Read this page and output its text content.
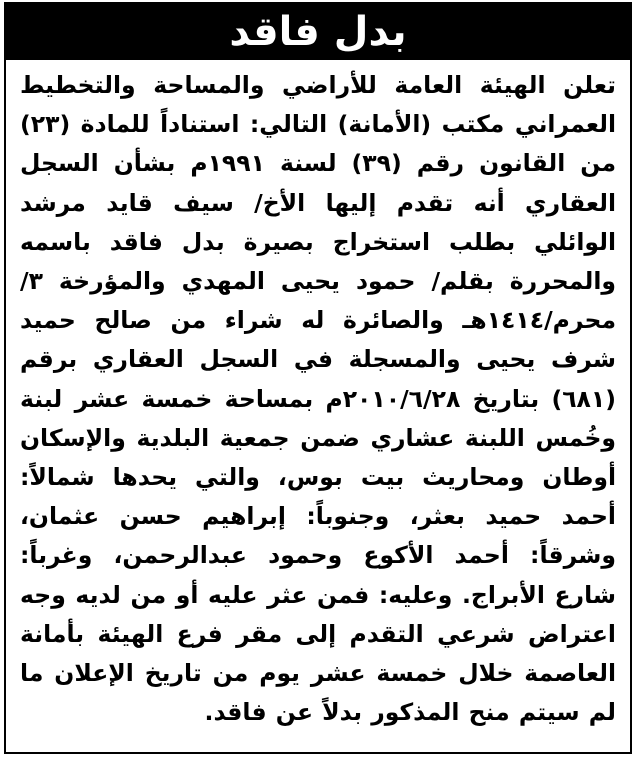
بدل فاقد
تعلن الهيئة العامة للأراضي والمساحة والتخطيط العمراني مكتب (الأمانة) التالي: استناداً للمادة (٢٣) من القانون رقم (٣٩) لسنة ١٩٩١م بشأن السجل العقاري أنه تقدم إليها الأخ/ سيف قايد مرشد الوائلي بطلب استخراج بصيرة بدل فاقد باسمه والمحررة بقلم/ حمود يحيى المهدي والمؤرخة ٣/ محرم/١٤١٤هـ والصائرة له شراء من صالح حميد شرف يحيى والمسجلة في السجل العقاري برقم (٦٨١) بتاريخ ٢٠١٠/٦/٢٨م بمساحة خمسة عشر لبنة وخُمس اللبنة عشاري ضمن جمعية البلدية والإسكان أوطان ومحاريث بيت بوس، والتي يحدها شمالاً: أحمد حميد بعثر، وجنوباً: إبراهيم حسن عثمان، وشرقاً: أحمد الأكوع وحمود عبدالرحمن، وغرباً: شارع الأبراج. وعليه: فمن عثر عليه أو من لديه وجه اعتراض شرعي التقدم إلى مقر فرع الهيئة بأمانة العاصمة خلال خمسة عشر يوم من تاريخ الإعلان ما لم سيتم منح المذكور بدلاً عن فاقد.
